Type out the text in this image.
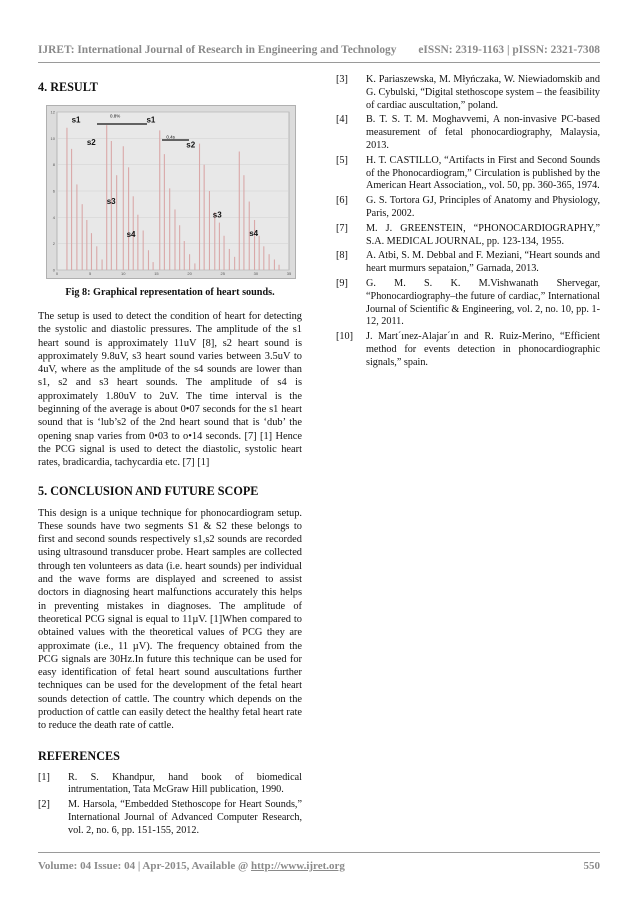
IJRET: International Journal of Research in Engineering and Technology eISSN: 2319-1163 | pISSN: 2321-7308
4. RESULT
0	5	10	15	20	25	30	35
0
2
4
6
8
10
12
s1	s1
s2	s2
s3
s3
s4	s4
0.8%
0.4s
Fig 8: Graphical representation of heart sounds.

The setup is used to detect the condition of heart for detecting the systolic and diastolic pressures. The amplitude of the s1 heart sound is approximately 11uV [8], s2 heart sound is approximately 9.8uV, s3 heart sound varies between 3.5uV to 4uV, where as the amplitude of the s4 sounds are lower than s1, s2 and s3 heart sounds. The amplitude of s4 is approximately 1.80uV to 2uV. The time interval is the beginning of the average is about 0•07 seconds for the s1 heart sound that is ‘lub’s2 of the 2nd heart sound that is ‘dub’ the opening snap varies from 0•03 to o•14 seconds. [7] [1] Hence the PCG signal is used to detect the diastolic, systolic heart rates, bradicardia, tachycardia etc. [7] [1]

5. CONCLUSION AND FUTURE SCOPE

This design is a unique technique for phonocardiogram setup. These sounds have two segments S1 & S2 these belongs to first and second sounds respectively s1,s2 sounds are recorded using ultrasound transducer probe. Heart samples are collected through ten volunteers as data (i.e. heart sounds) per individual and the wave forms are displayed and screened to assist doctors in diagnosing heart malfunctions accurately this helps in preventing mistakes in diagnoses. The amplitude of theoretical PCG signal is equal to 11µV. [1]When compared to obtained values with the theoretical values of PCG they are approximate (i.e., 11 µV). The frequency obtained from the PCG signals are 30Hz.In future this technique can be used for easy identification of fetal heart sound auscultations further techniques can be used for the development of the fetal heart sounds detection of cattle. The country which depends on the production of cattle can easily detect the healthy fetal heart rate to reduce the death rate of cattle.

REFERENCES
[1]	R. S. Khandpur, hand book of biomedical intrumentation, Tata McGraw Hill publication, 1990.
[2]	M. Harsola, “Embedded Stethoscope for Heart Sounds,” International Journal of Advanced Computer Research, vol. 2, no. 6, pp. 151-155, 2012.
[3]	K. Pariaszewska, M. Młyńczaka, W. Niewiadomskib and G. Cybulski, “Digital stethoscope system – the feasibility of cardiac auscultation,” poland.
[4]	B. T. S. T. M. Moghavvemi, A non-invasive PC-based measurement of fetal phonocardiography, Malaysia, 2013.
[5]	H. T. CASTILLO, “Artifacts in First and Second Sounds of the Phonocardiogram,” Circulation is published by the American Heart Association,, vol. 50, pp. 360-365, 1974.
[6]	G. S. Tortora GJ, Principles of Anatomy and Physiology, Paris, 2002.
[7]	M. J. GREENSTEIN, “PHONOCARDIOGRAPHY,” S.A. MEDICAL JOURNAL, pp. 123-134, 1955.
[8]	A. Atbi, S. M. Debbal and F. Meziani, “Heart sounds and heart murmurs sepataion,” Garnada, 2013.
[9]	G. M. S. K. M.Vishwanath Shervegar, “Phonocardiography–the future of cardiac,” International Journal of Scientific & Engineering, vol. 2, no. 10, pp. 1-12, 2011.
[10]	J. Mart´ınez-Alajar´ın and R. Ruiz-Merino, “Efficient method for events detection in phonocardiographic signals,” spain.
Volume: 04 Issue: 04 | Apr-2015, Available @ http://www.ijret.org	550
